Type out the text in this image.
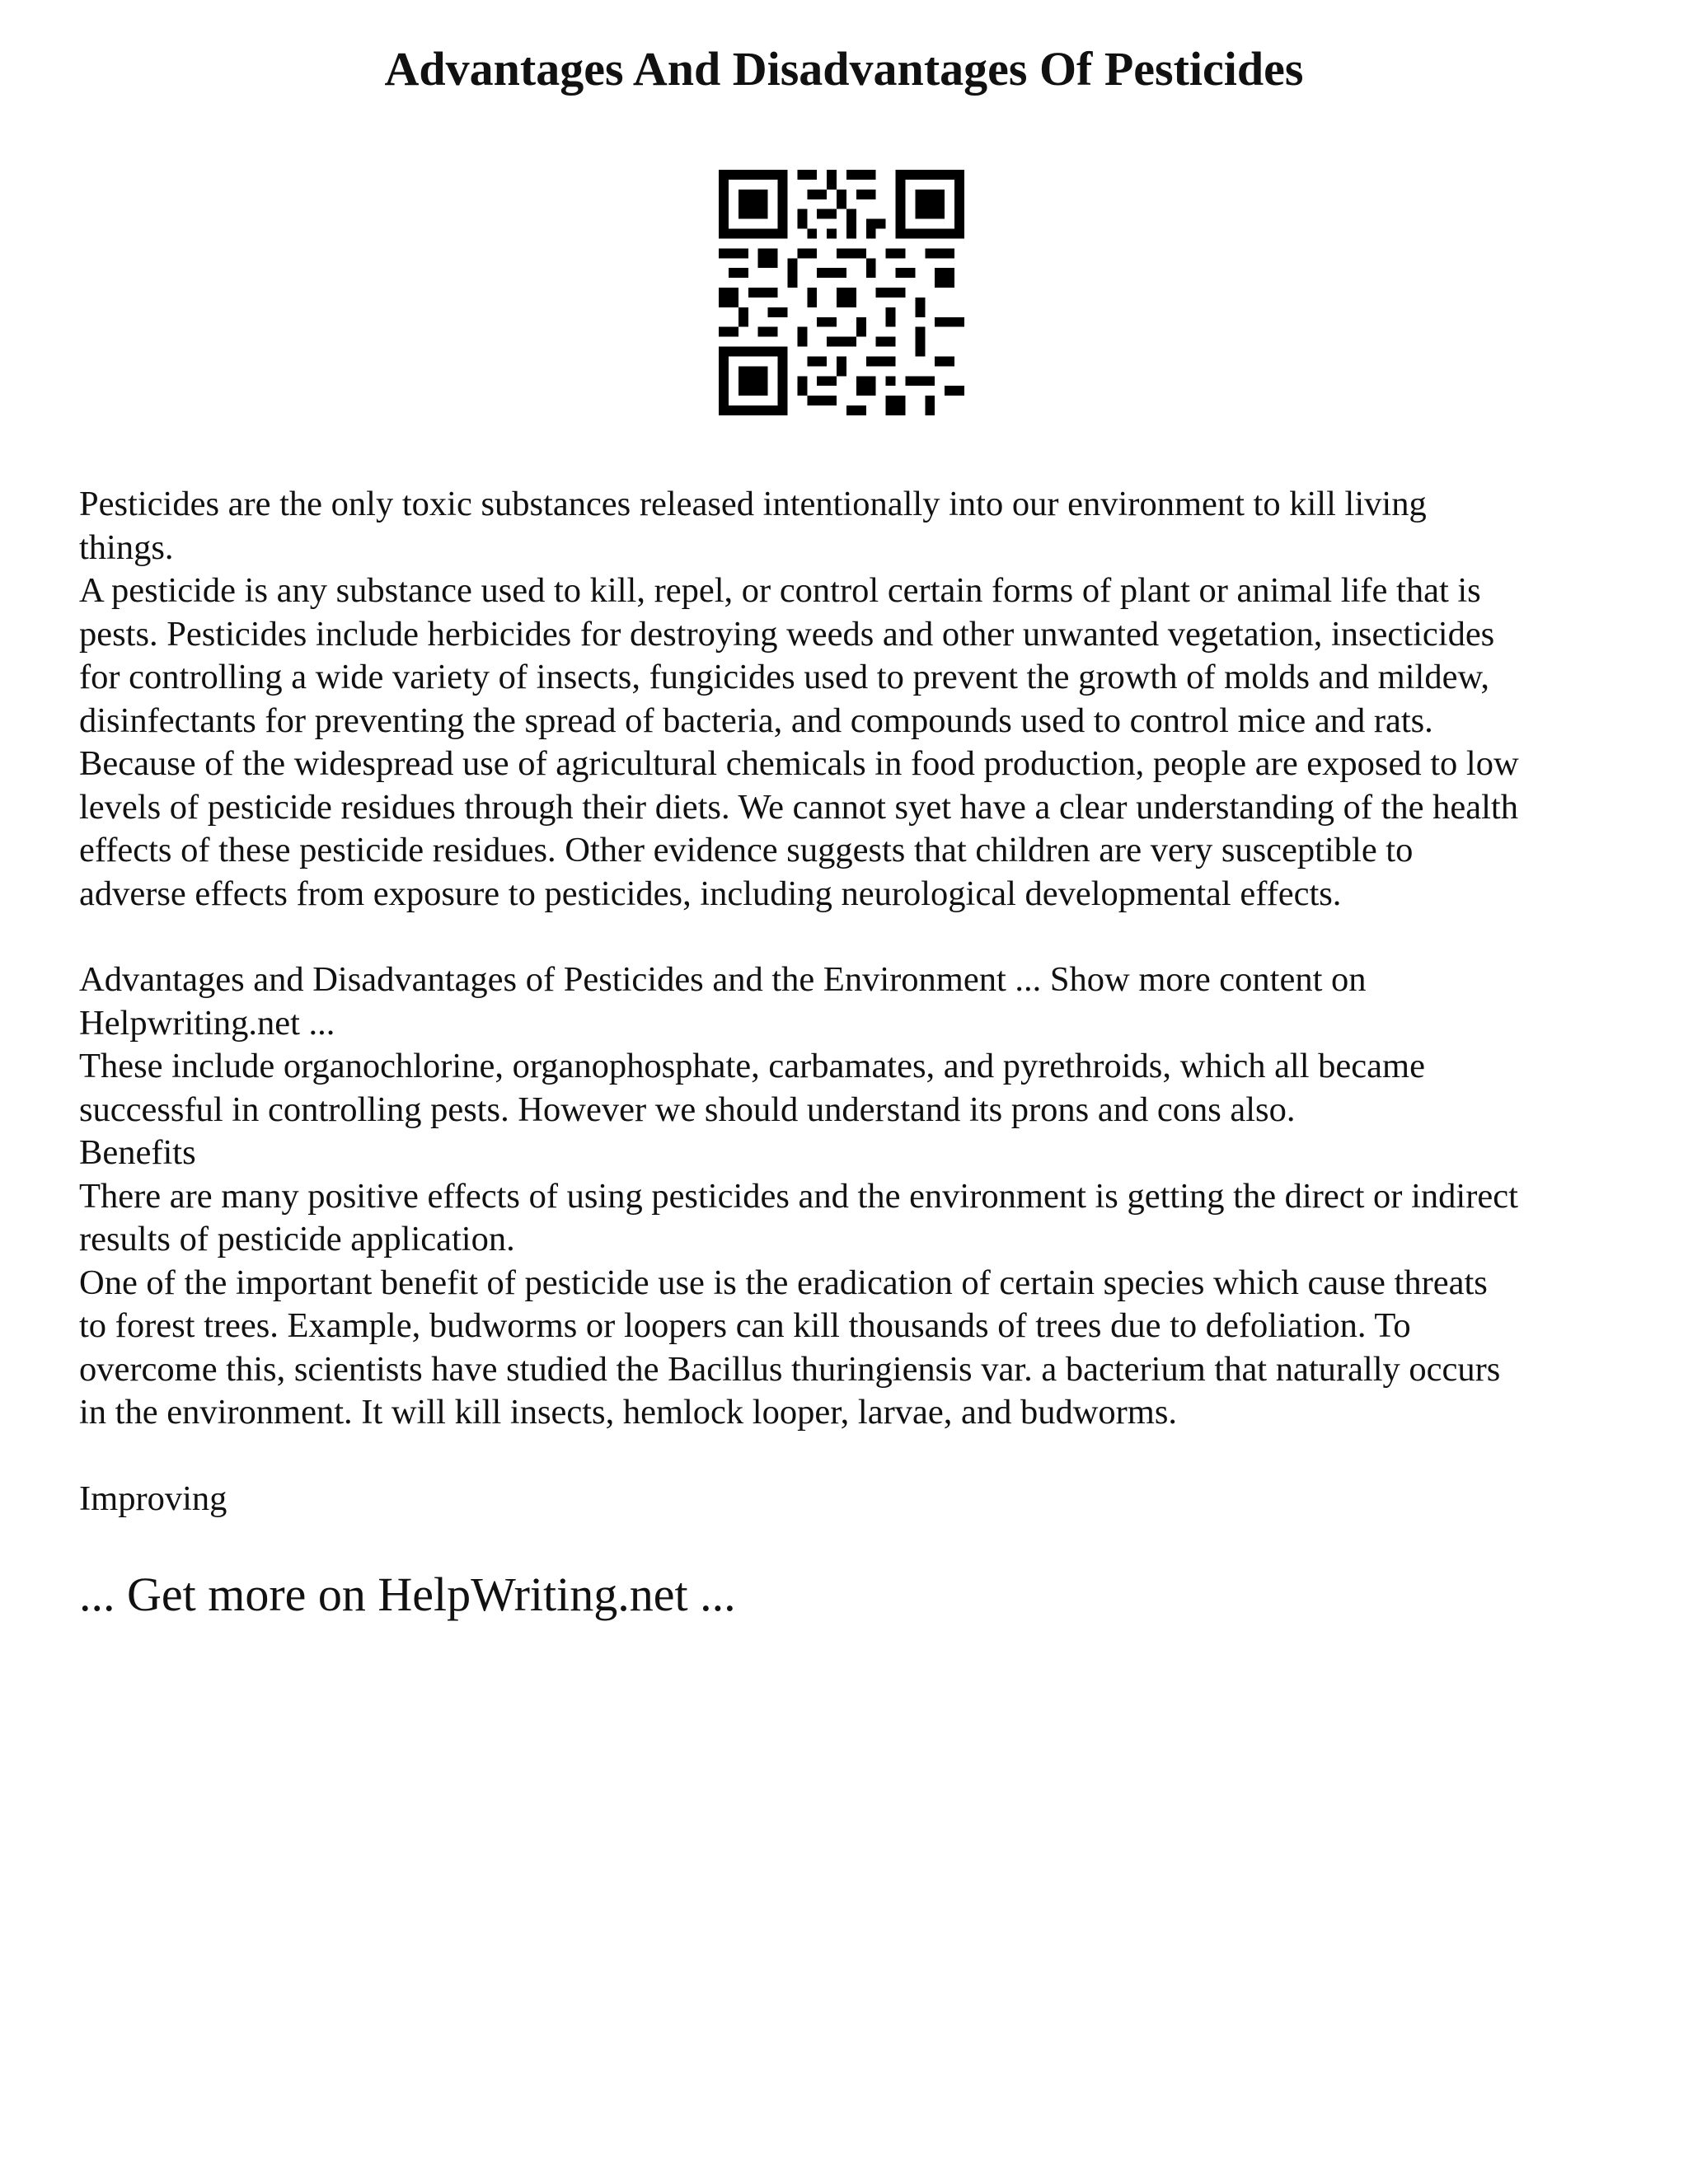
Advantages And Disadvantages Of Pesticides

Pesticides are the only toxic substances released intentionally into our environment to kill living
things.

A pesticide is any substance used to kill, repel, or control certain forms of plant or animal life that is
pests. Pesticides include herbicides for destroying weeds and other unwanted vegetation, insecticides
for controlling a wide variety of insects, fungicides used to prevent the growth of molds and mildew,
disinfectants for preventing the spread of bacteria, and compounds used to control mice and rats.
Because of the widespread use of agricultural chemicals in food production, people are exposed to low
levels of pesticide residues through their diets. We cannot syet have a clear understanding of the health
effects of these pesticide residues. Other evidence suggests that children are very susceptible to
adverse effects from exposure to pesticides, including neurological developmental effects.

Advantages and Disadvantages of Pesticides and the Environment ... Show more content on
Helpwriting.net ...

These include organochlorine, organophosphate, carbamates, and pyrethroids, which all became
successful in controlling pests. However we should understand its prons and cons also.

Benefits

There are many positive effects of using pesticides and the environment is getting the direct or indirect
results of pesticide application.

One of the important benefit of pesticide use is the eradication of certain species which cause threats
to forest trees. Example, budworms or loopers can kill thousands of trees due to defoliation. To
overcome this, scientists have studied the Bacillus thuringiensis var. a bacterium that naturally occurs
in the environment. It will kill insects, hemlock looper, larvae, and budworms.

Improving

... Get more on HelpWriting.net ...
